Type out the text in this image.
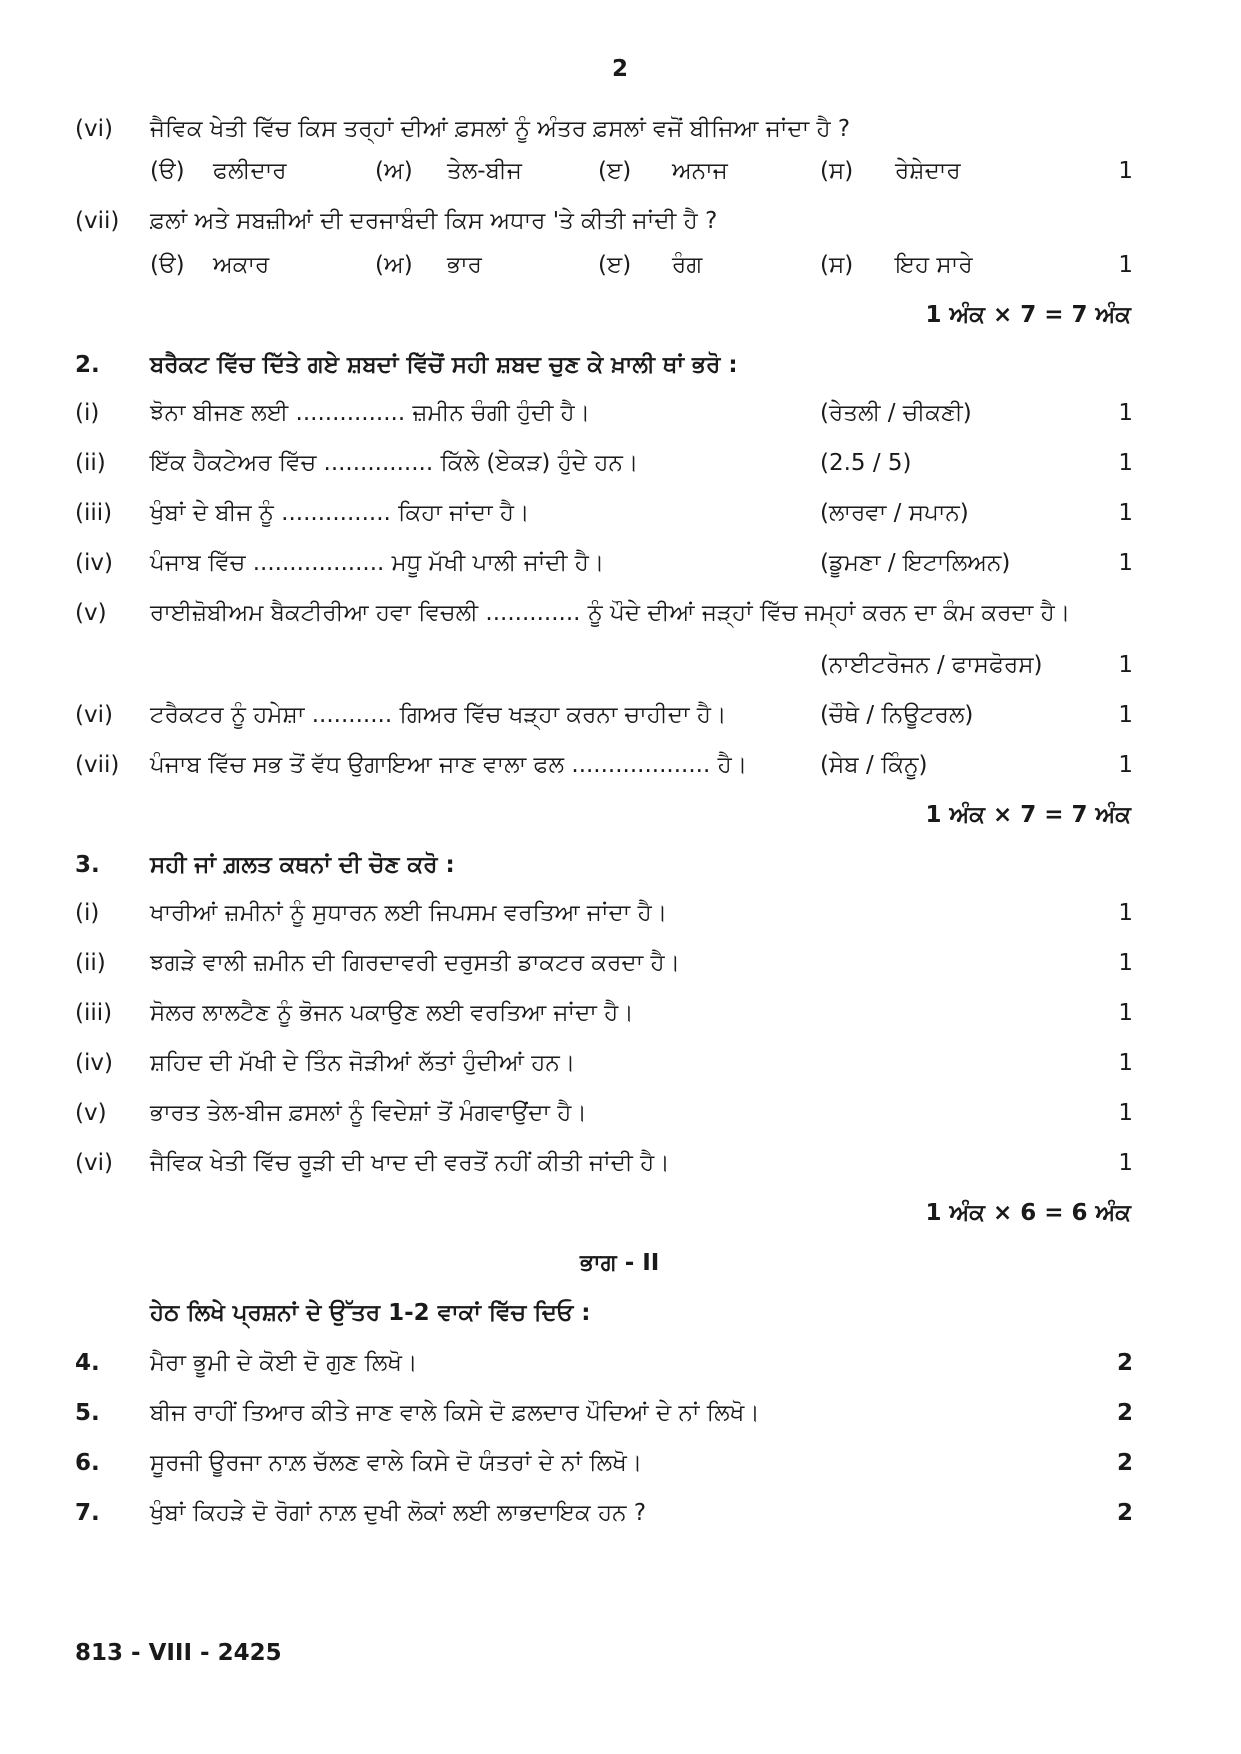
2
(vi) ਜੈਵਿਕ ਖੇਤੀ ਵਿੱਚ ਕਿਸ ਤਰ੍ਹਾਂ ਦੀਆਂ ਫ਼ਸਲਾਂ ਨੂੰ ਅੰਤਰ ਫ਼ਸਲਾਂ ਵਜੋਂ ਬੀਜਿਆ ਜਾਂਦਾ ਹੈ ?
(ੳ) ਫਲੀਦਾਰ	(ਅ) ਤੇਲ-ਬੀਜ	(ੲ) ਅਨਾਜ	(ਸ) ਰੇਸ਼ੇਦਾਰ	1
(vii) ਫ਼ਲਾਂ ਅਤੇ ਸਬਜ਼ੀਆਂ ਦੀ ਦਰਜਾਬੰਦੀ ਕਿਸ ਅਧਾਰ 'ਤੇ ਕੀਤੀ ਜਾਂਦੀ ਹੈ ?
(ੳ) ਅਕਾਰ	(ਅ) ਭਾਰ	(ੲ) ਰੰਗ	(ਸ) ਇਹ ਸਾਰੇ	1
1 ਅੰਕ × 7 = 7 ਅੰਕ
2. ਬਰੈਕਟ ਵਿੱਚ ਦਿੱਤੇ ਗਏ ਸ਼ਬਦਾਂ ਵਿੱਚੋਂ ਸਹੀ ਸ਼ਬਦ ਚੁਣ ਕੇ ਖ਼ਾਲੀ ਥਾਂ ਭਰੋ :
(i) ਝੋਨਾ ਬੀਜਣ ਲਈ ............... ਜ਼ਮੀਨ ਚੰਗੀ ਹੁੰਦੀ ਹੈ।	(ਰੇਤਲੀ / ਚੀਕਣੀ)	1
(ii) ਇੱਕ ਹੈਕਟੇਅਰ ਵਿੱਚ ............... ਕਿੱਲੇ (ਏਕੜ) ਹੁੰਦੇ ਹਨ।	(2.5 / 5)	1
(iii) ਖੁੰਬਾਂ ਦੇ ਬੀਜ ਨੂੰ ............... ਕਿਹਾ ਜਾਂਦਾ ਹੈ।	(ਲਾਰਵਾ / ਸਪਾਨ)	1
(iv) ਪੰਜਾਬ ਵਿੱਚ .................. ਮਧੂ ਮੱਖੀ ਪਾਲੀ ਜਾਂਦੀ ਹੈ।	(ਡੂਮਣਾ / ਇਟਾਲਿਅਨ)	1
(v) ਰਾਈਜ਼ੋਬੀਅਮ ਬੈਕਟੀਰੀਆ ਹਵਾ ਵਿਚਲੀ ............. ਨੂੰ ਪੌਦੇ ਦੀਆਂ ਜੜ੍ਹਾਂ ਵਿੱਚ ਜਮ੍ਹਾਂ ਕਰਨ ਦਾ ਕੰਮ ਕਰਦਾ ਹੈ।
(ਨਾਈਟਰੋਜਨ / ਫਾਸਫੋਰਸ)	1
(vi) ਟਰੈਕਟਰ ਨੂੰ ਹਮੇਸ਼ਾ ........... ਗਿਅਰ ਵਿੱਚ ਖੜ੍ਹਾ ਕਰਨਾ ਚਾਹੀਦਾ ਹੈ।	(ਚੌਥੇ / ਨਿਊਟਰਲ)	1
(vii) ਪੰਜਾਬ ਵਿੱਚ ਸਭ ਤੋਂ ਵੱਧ ਉਗਾਇਆ ਜਾਣ ਵਾਲਾ ਫਲ ................... ਹੈ।	(ਸੇਬ / ਕਿੰਨੂ)	1
1 ਅੰਕ × 7 = 7 ਅੰਕ
3. ਸਹੀ ਜਾਂ ਗ਼ਲਤ ਕਥਨਾਂ ਦੀ ਚੋਣ ਕਰੋ :
(i) ਖਾਰੀਆਂ ਜ਼ਮੀਨਾਂ ਨੂੰ ਸੁਧਾਰਨ ਲਈ ਜਿਪਸਮ ਵਰਤਿਆ ਜਾਂਦਾ ਹੈ।	1
(ii) ਝਗੜੇ ਵਾਲੀ ਜ਼ਮੀਨ ਦੀ ਗਿਰਦਾਵਰੀ ਦਰੁਸਤੀ ਡਾਕਟਰ ਕਰਦਾ ਹੈ।	1
(iii) ਸੋਲਰ ਲਾਲਟੈਣ ਨੂੰ ਭੋਜਨ ਪਕਾਉਣ ਲਈ ਵਰਤਿਆ ਜਾਂਦਾ ਹੈ।	1
(iv) ਸ਼ਹਿਦ ਦੀ ਮੱਖੀ ਦੇ ਤਿੰਨ ਜੋੜੀਆਂ ਲੱਤਾਂ ਹੁੰਦੀਆਂ ਹਨ।	1
(v) ਭਾਰਤ ਤੇਲ-ਬੀਜ ਫ਼ਸਲਾਂ ਨੂੰ ਵਿਦੇਸ਼ਾਂ ਤੋਂ ਮੰਗਵਾਉਂਦਾ ਹੈ।	1
(vi) ਜੈਵਿਕ ਖੇਤੀ ਵਿੱਚ ਰੂੜੀ ਦੀ ਖਾਦ ਦੀ ਵਰਤੋਂ ਨਹੀਂ ਕੀਤੀ ਜਾਂਦੀ ਹੈ।	1
1 ਅੰਕ × 6 = 6 ਅੰਕ
ਭਾਗ - II
ਹੇਠ ਲਿਖੇ ਪ੍ਰਸ਼ਨਾਂ ਦੇ ਉੱਤਰ 1-2 ਵਾਕਾਂ ਵਿੱਚ ਦਿਓ :
4. ਮੈਰਾ ਭੂਮੀ ਦੇ ਕੋਈ ਦੋ ਗੁਣ ਲਿਖੋ।	2
5. ਬੀਜ ਰਾਹੀਂ ਤਿਆਰ ਕੀਤੇ ਜਾਣ ਵਾਲੇ ਕਿਸੇ ਦੋ ਫ਼ਲਦਾਰ ਪੌਦਿਆਂ ਦੇ ਨਾਂ ਲਿਖੋ।	2
6. ਸੂਰਜੀ ਊਰਜਾ ਨਾਲ਼ ਚੱਲਣ ਵਾਲੇ ਕਿਸੇ ਦੋ ਯੰਤਰਾਂ ਦੇ ਨਾਂ ਲਿਖੋ।	2
7. ਖੁੰਬਾਂ ਕਿਹੜੇ ਦੋ ਰੋਗਾਂ ਨਾਲ਼ ਦੁਖੀ ਲੋਕਾਂ ਲਈ ਲਾਭਦਾਇਕ ਹਨ ?	2
813 - VIII - 2425
